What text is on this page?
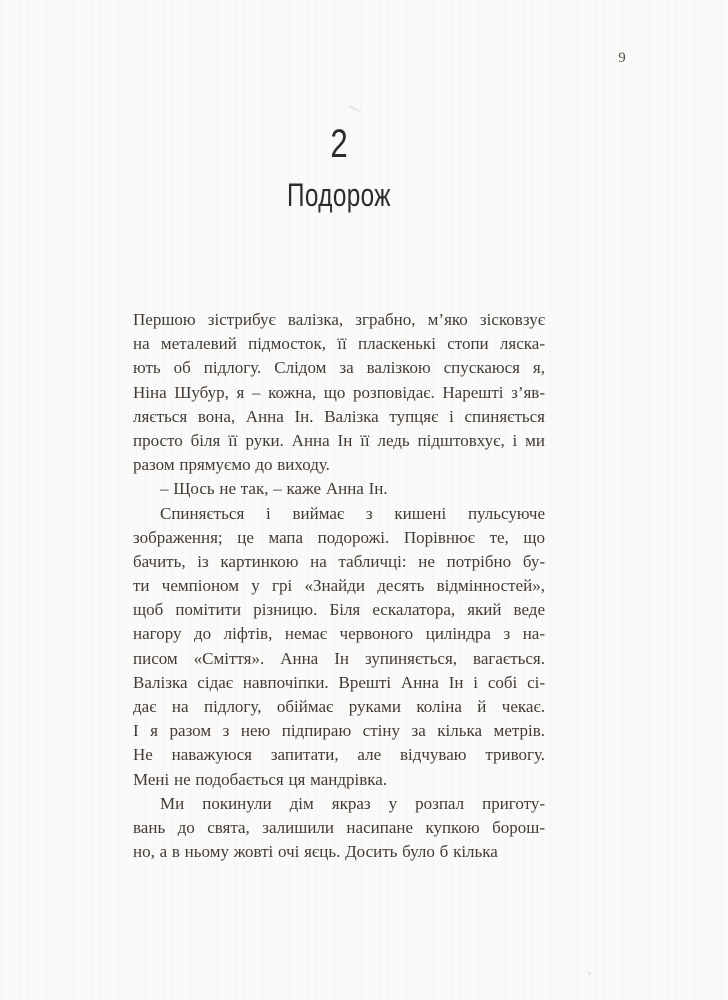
9
2
Подорож
Першою зістрибує валізка, зграбно, м’яко зісковзує
на металевий підмосток, її пласкенькі стопи ляска-
ють об підлогу. Слідом за валізкою спускаюся я,
Ніна Шубур, я – кожна, що розповідає. Нарешті з’яв-
ляється вона, Анна Ін. Валізка тупцяє і спиняється
просто біля її руки. Анна Ін її ледь підштовхує, і ми
разом прямуємо до виходу.
– Щось не так, – каже Анна Ін.
Спиняється і виймає з кишені пульсуюче
зображення; це мапа подорожі. Порівнює те, що
бачить, із картинкою на табличці: не потрібно бу-
ти чемпіоном у грі «Знайди десять відмінностей»,
щоб помітити різницю. Біля ескалатора, який веде
нагору до ліфтів, немає червоного циліндра з на-
писом «Сміття». Анна Ін зупиняється, вагається.
Валізка сідає навпочіпки. Врешті Анна Ін і собі сі-
дає на підлогу, обіймає руками коліна й чекає.
І я разом з нею підпираю стіну за кілька метрів.
Не наважуюся запитати, але відчуваю тривогу.
Мені не подобається ця мандрівка.
Ми покинули дім якраз у розпал приготу-
вань до свята, залишили насипане купкою борош-
но, а в ньому жовті очі яєць. Досить було б кілька
